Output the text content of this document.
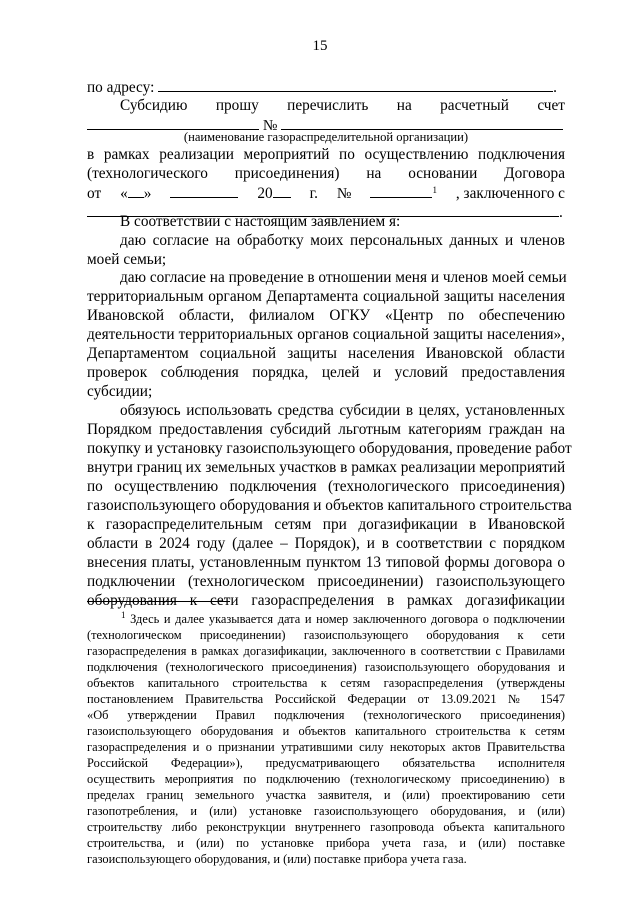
15
по адресу:	.
Субсидию прошу перечислить на расчетный счет
№
(наименование газораспределительной организации)
в рамках реализации мероприятий по осуществлению подключения
(технологического присоединения) на основании Договора
от « »	20	г. №	$^1$ , заключенного с
.
В соответствии с настоящим заявлением я:
даю согласие на обработку моих персональных данных и членов
моей семьи;
даю согласие на проведение в отношении меня и членов моей семьи
территориальным органом Департамента социальной защиты населения
Ивановской области, филиалом ОГКУ «Центр по обеспечению
деятельности территориальных органов социальной защиты населения»,
Департаментом социальной защиты населения Ивановской области
проверок соблюдения порядка, целей и условий предоставления
субсидии;
обязуюсь использовать средства субсидии в целях, установленных
Порядком предоставления субсидий льготным категориям граждан на
покупку и установку газоиспользующего оборудования, проведение работ
внутри границ их земельных участков в рамках реализации мероприятий
по осуществлению подключения (технологического присоединения)
газоиспользующего оборудования и объектов капитального строительства
к газораспределительным сетям при догазификации в Ивановской
области в 2024 году (далее – Порядок), и в соответствии с порядком
внесения платы, установленным пунктом 13 типовой формы договора о
подключении (технологическом присоединении) газоиспользующего
оборудования к сети газораспределения в рамках догазификации
$^1$ Здесь и далее указывается дата и номер заключенного договора о подключении
(технологическом присоединении) газоиспользующего оборудования к сети
газораспределения в рамках догазификации, заключенного в соответствии с Правилами
подключения (технологического присоединения) газоиспользующего оборудования и
объектов капитального строительства к сетям газораспределения (утверждены
постановлением Правительства Российской Федерации от 13.09.2021 № 1547
«Об утверждении Правил подключения (технологического присоединения)
газоиспользующего оборудования и объектов капитального строительства к сетям
газораспределения и о признании утратившими силу некоторых актов Правительства
Российской Федерации»), предусматривающего обязательства исполнителя
осуществить мероприятия по подключению (технологическому присоединению) в
пределах границ земельного участка заявителя, и (или) проектированию сети
газопотребления, и (или) установке газоиспользующего оборудования, и (или)
строительству либо реконструкции внутреннего газопровода объекта капитального
строительства, и (или) по установке прибора учета газа, и (или) поставке
газоиспользующего оборудования, и (или) поставке прибора учета газа.
